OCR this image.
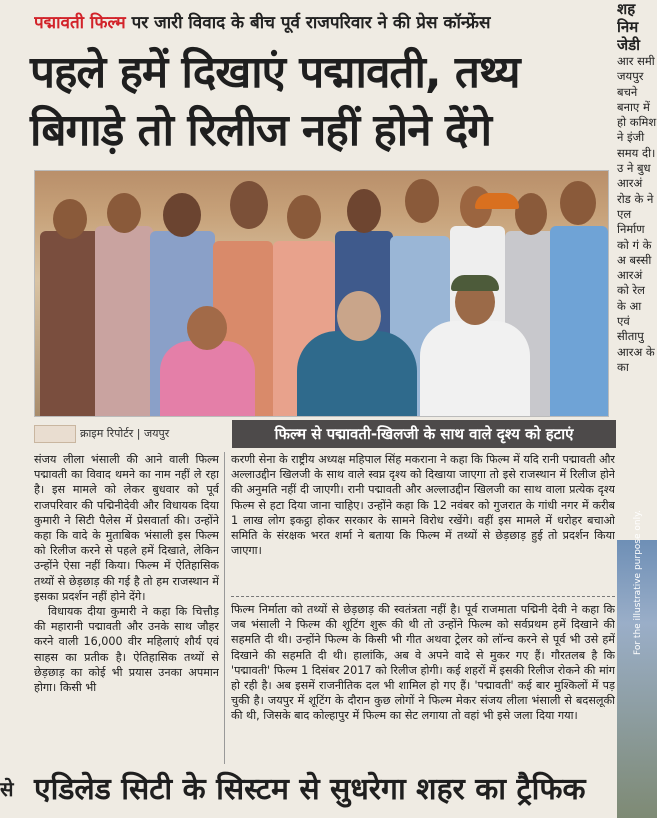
पद्मावती फिल्म पर जारी विवाद के बीच पूर्व राजपरिवार ने की प्रेस कॉन्फ्रेंस
पहले हमें दिखाएं पद्मावती, तथ्य
बिगाड़े तो रिलीज नहीं होने देंगे
क्राइम रिपोर्टर | जयपुर	फिल्म से पद्मावती-खिलजी के साथ वाले दृश्य को हटाएं

संजय लीला भंसाली की आने वाली फिल्म पद्मावती का विवाद थमने का नाम नहीं ले रहा है। इस मामले को लेकर बुधवार को पूर्व राजपरिवार की पद्मिनीदेवी और विधायक दिया कुमारी ने सिटी पैलेस में प्रेसवार्ता की। उन्होंने कहा कि वादे के मुताबिक भंसाली इस फिल्म को रिलीज करने से पहले हमें दिखाते, लेकिन उन्होंने ऐसा नहीं किया। फिल्म में ऐतिहासिक तथ्यों से छेड़छाड़ की गई है तो हम राजस्थान में इसका प्रदर्शन नहीं होने देंगे।

विधायक दीया कुमारी ने कहा कि चित्तौड़ की महारानी पद्मावती और उनके साथ जौहर करने वाली 16,000 वीर महिलाएं शौर्य एवं साहस का प्रतीक है। ऐतिहासिक तथ्यों से छेड़छाड़ का कोई भी प्रयास उनका अपमान होगा। किसी भी

करणी सेना के राष्ट्रीय अध्यक्ष महिपाल सिंह मकराना ने कहा कि फिल्म में यदि रानी पद्मावती और अल्लाउद्दीन खिलजी के साथ वाले स्वप्न दृश्य को दिखाया जाएगा तो इसे राजस्थान में रिलीज होने की अनुमति नहीं दी जाएगी। रानी पद्मावती और अल्लाउद्दीन खिलजी का साथ वाला प्रत्येक दृश्य फिल्म से हटा दिया जाना चाहिए। उन्होंने कहा कि 12 नवंबर को गुजरात के गांधी नगर में करीब 1 लाख लोग इकट्ठा होकर सरकार के सामने विरोध रखेंगे। वहीं इस मामले में धरोहर बचाओ समिति के संरक्षक भरत शर्मा ने बताया कि फिल्म में तथ्यों से छेड़छाड़ हुई तो प्रदर्शन किया जाएगा।

फिल्म निर्माता को तथ्यों से छेड़छाड़ की स्वतंत्रता नहीं है। पूर्व राजमाता पद्मिनी देवी ने कहा कि जब भंसाली ने फिल्म की शूटिंग शुरू की थी तो उन्होंने फिल्म को सर्वप्रथम हमें दिखाने की सहमति दी थी। उन्होंने फिल्म के किसी भी गीत अथवा ट्रेलर को लॉन्च करने से पूर्व भी उसे हमें दिखाने की सहमति दी थी। हालांकि, अब वे अपने वादे से मुकर गए हैं। गौरतलब है कि 'पद्मावती' फिल्म 1 दिसंबर 2017 को रिलीज होगी। कई शहरों में इसकी रिलीज रोकने की मांग हो रही है। अब इसमें राजनीतिक दल भी शामिल हो गए हैं। 'पद्मावती' कई बार मुश्किलों में पड़ चुकी है। जयपुर में शूटिंग के दौरान कुछ लोगों ने फिल्म मेकर संजय लीला भंसाली से बदसलूकी की थी, जिसके बाद कोल्हापुर में फिल्म का सेट लगाया तो वहां भी इसे जला दिया गया।

शह
निम
जेडी
आर समी जयपुर बचने बनाए में हो कमिश ने इंजी समय दी। उ ने बुध आरअं रोड के ने एल निर्माण को गं के अ बस्सी आरअं को रेल के आ एवं सीतापु आरअ के का
For the illustrative purpose only.
से एडिलेड सिटी के सिस्टम से सुधरेगा शहर का ट्रैफिक
